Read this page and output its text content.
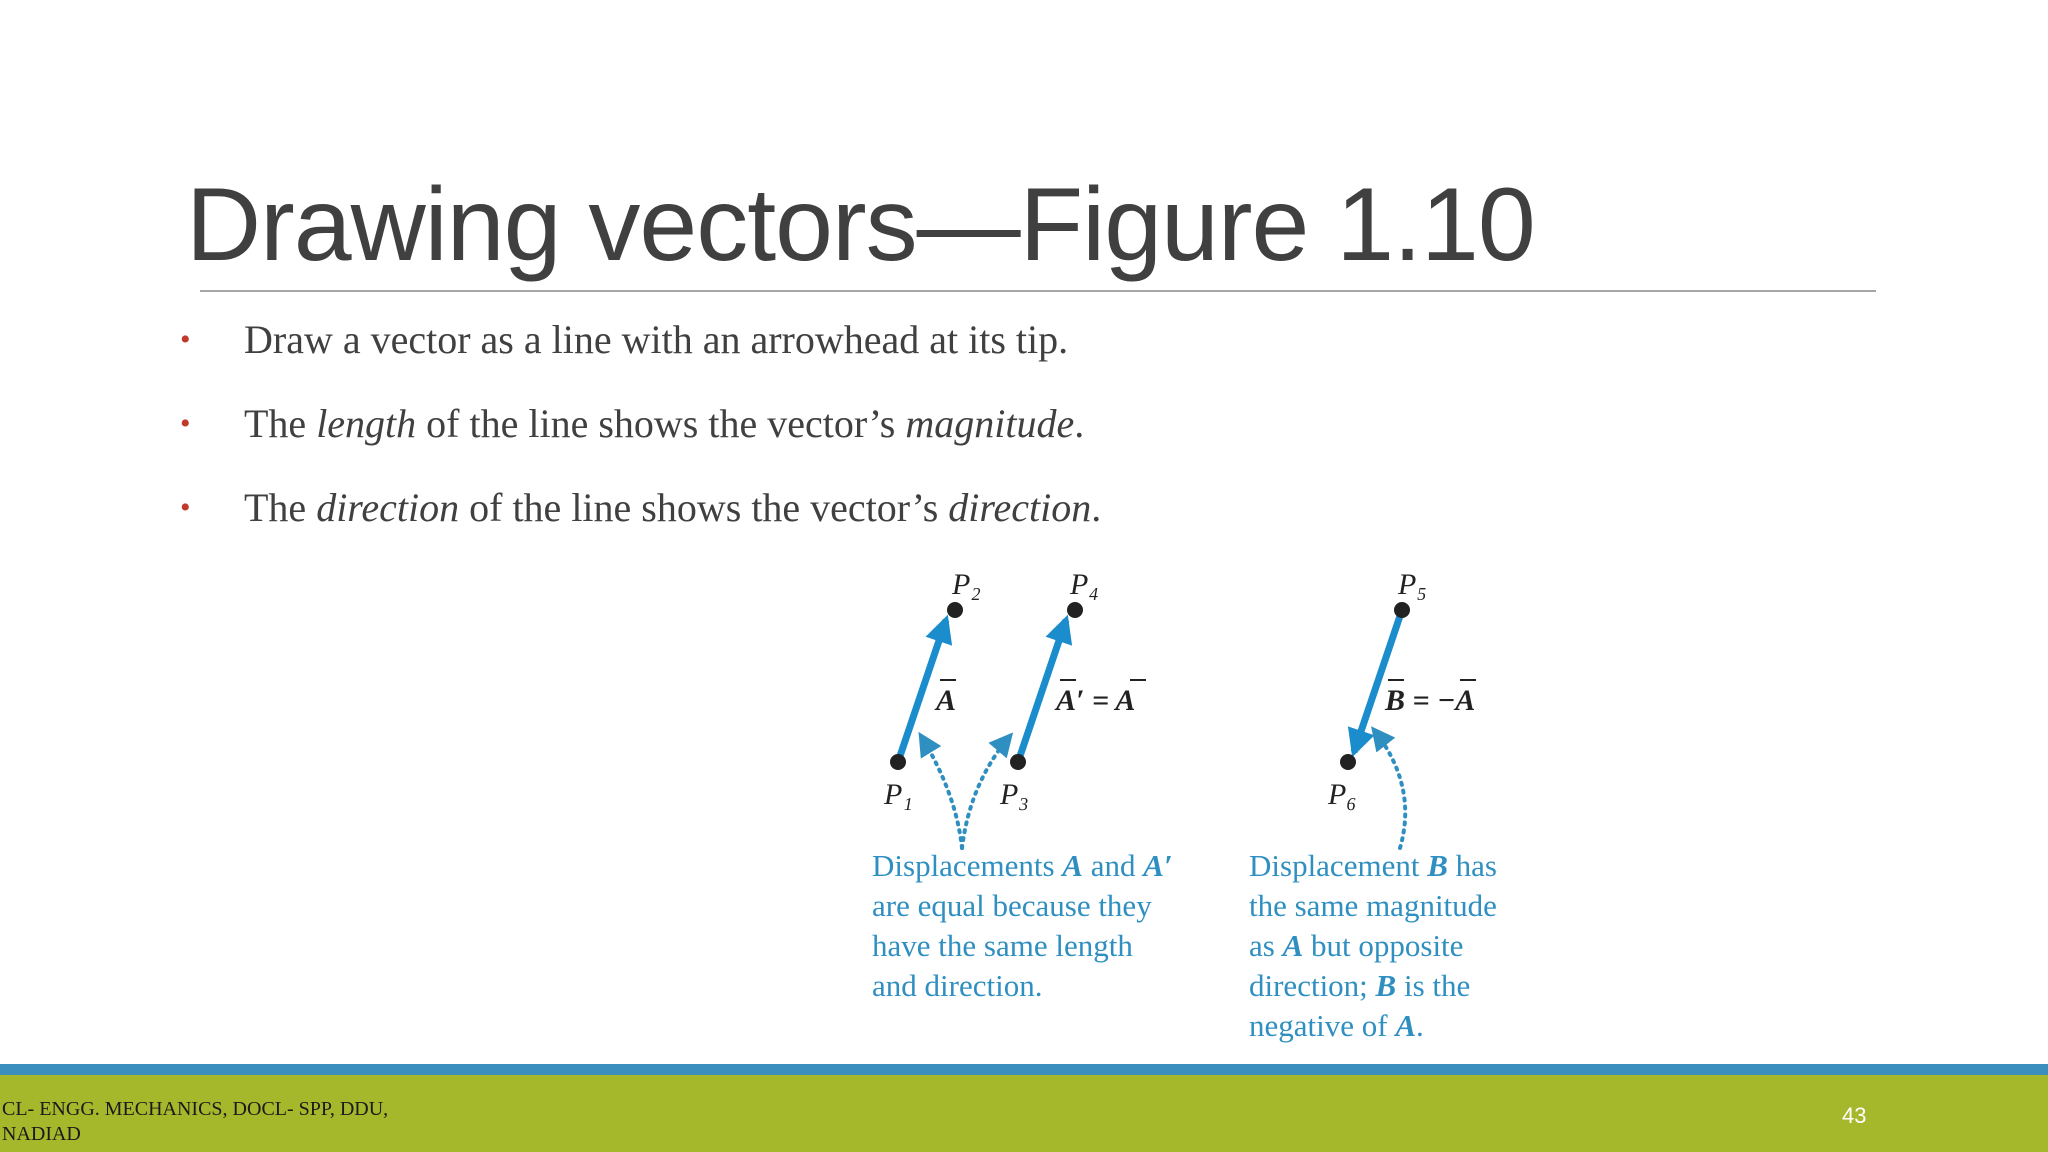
Drawing vectors—Figure 1.10
•	Draw a vector as a line with an arrowhead at its tip.
•	The length of the line shows the vector’s magnitude.
•	The direction of the line shows the vector’s direction.
P₂	P₄	P₅
P₁	P₃	P₆
A	A′ = A	B = −A
Displacements A and A′
are equal because they
have the same length
and direction.
Displacement B has
the same magnitude
as A but opposite
direction; B is the
negative of A.
CL- ENGG. MECHANICS, DOCL- SPP, DDU, NADIAD
43
